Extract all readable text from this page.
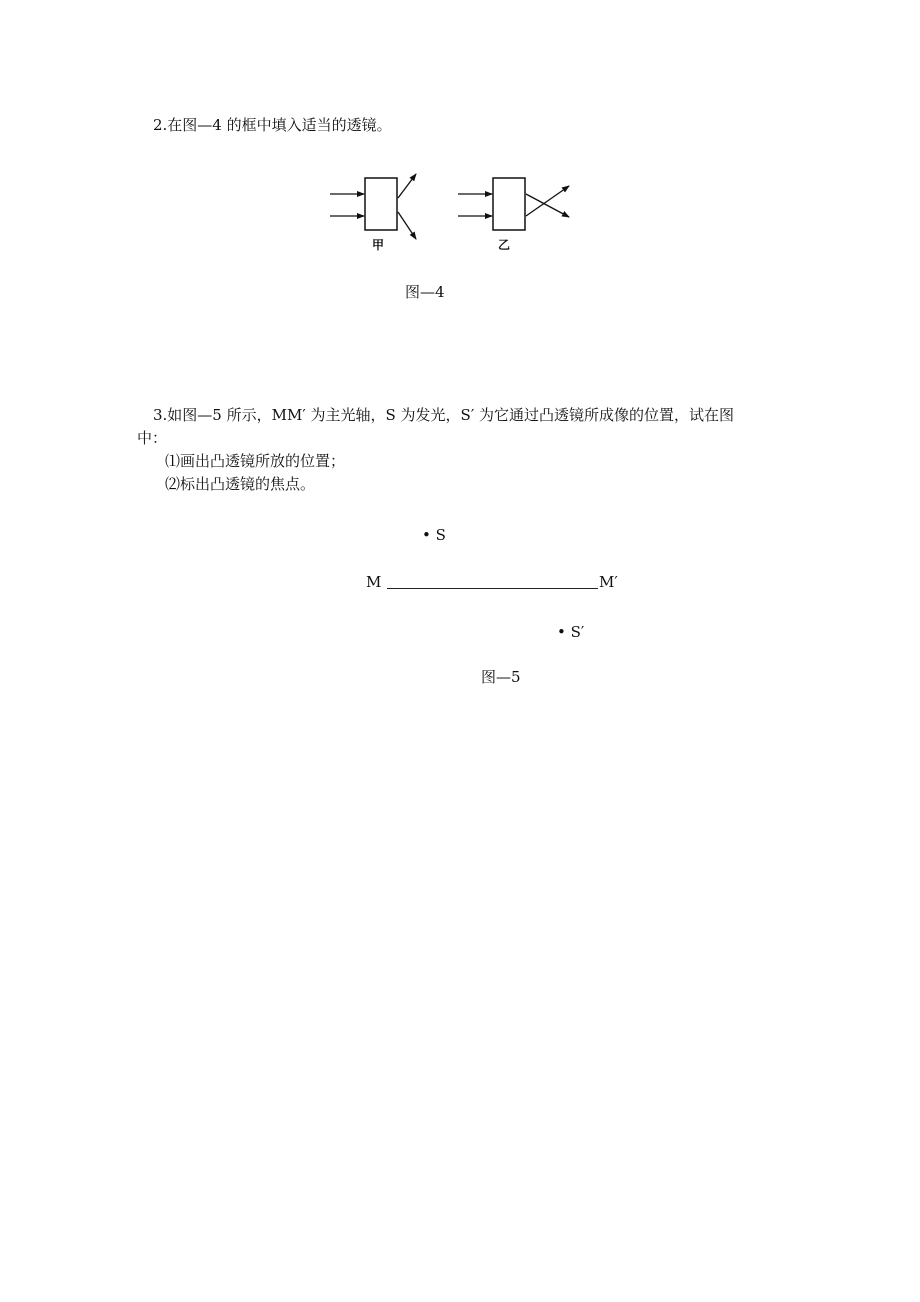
2.在图—4 的框中填入适当的透镜。
甲	乙
图—4
3.如图—5 所示，MM′ 为主光轴，S 为发光，S′ 为它通过凸透镜所成像的位置，试在图
中：
⑴画出凸透镜所放的位置；
⑵标出凸透镜的焦点。
• S
M	M′
• S′
图—5
